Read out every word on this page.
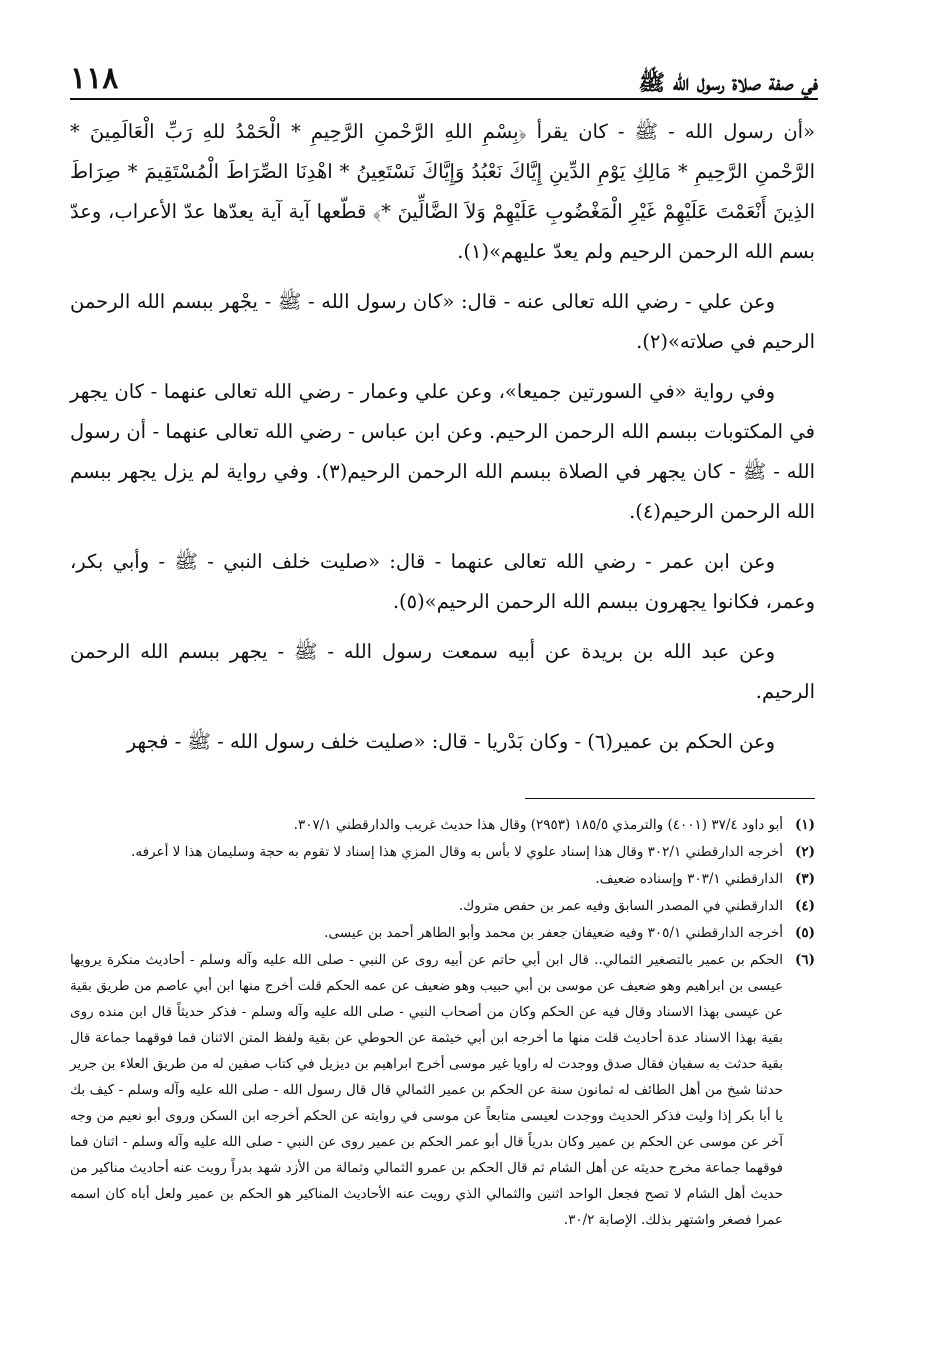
في صفة صلاة رسول الله ﷺ
١١٨

«أن رسول الله - ﷺ - كان يقرأ ﴿بِسْمِ اللهِ الرَّحْمنِ الرَّحِيمِ * الْحَمْدُ للهِ رَبِّ الْعَالَمِينَ * الرَّحْمنِ الرَّحِيمِ * مَالِكِ يَوْمِ الدِّينِ إِيَّاكَ نَعْبُدُ وَإِيَّاكَ نَسْتَعِينُ * اهْدِنَا الصِّرَاطَ الْمُسْتَقِيمَ * صِرَاطَ الذِينَ أَنْعَمْتَ عَلَيْهِمْ غَيْرِ الْمَغْضُوبِ عَلَيْهِمْ وَلاَ الضَّالِّينَ *﴾ قطّعها آية آية يعدّها عدّ الأعراب، وعدّ بسم الله الرحمن الرحيم ولم يعدّ عليهم»(١).

وعن علي - رضي الله تعالى عنه - قال: «كان رسول الله - ﷺ - يجْهر ببسم الله الرحمن الرحيم في صلاته»(٢).

وفي رواية «في السورتين جميعا»، وعن علي وعمار - رضي الله تعالى عنهما - كان يجهر في المكتوبات ببسم الله الرحمن الرحيم. وعن ابن عباس - رضي الله تعالى عنهما - أن رسول الله - ﷺ - كان يجهر في الصلاة ببسم الله الرحمن الرحيم(٣). وفي رواية لم يزل يجهر ببسم الله الرحمن الرحيم(٤).

وعن ابن عمر - رضي الله تعالى عنهما - قال: «صليت خلف النبي - ﷺ - وأبي بكر، وعمر، فكانوا يجهرون ببسم الله الرحمن الرحيم»(٥).

وعن عبد الله بن بريدة عن أبيه سمعت رسول الله - ﷺ - يجهر ببسم الله الرحمن الرحيم.

وعن الحكم بن عمير(٦) - وكان بَدْريا - قال: «صليت خلف رسول الله - ﷺ - فجهر

(١)
أبو داود ٣٧/٤ (٤٠٠١) والترمذي ١٨٥/٥ (٢٩٥٣) وقال هذا حديث غريب والدارقطني ٣٠٧/١.
(٢)
أخرجه الدارقطني ٣٠٢/١ وقال هذا إسناد علوي لا بأس به وقال المزي هذا إسناد لا تقوم به حجة وسليمان هذا لا أعرفه.
(٣)
الدارقطني ٣٠٣/١ وإسناده ضعيف.
(٤)
الدارقطني في المصدر السابق وفيه عمر بن حفص متروك.
(٥)
أخرجه الدارقطني ٣٠٥/١ وفيه ضعيفان جعفر بن محمد وأبو الطاهر أحمد بن عيسى.
(٦)
الحكم بن عمير بالتصغير الثمالي.. قال ابن أبي حاتم عن أبيه روى عن النبي - صلى الله عليه وآله وسلم - أحاديث منكرة يرويها عيسى بن ابراهيم وهو ضعيف عن موسى بن أبي حبيب وهو ضعيف عن عمه الحكم قلت أخرج منها ابن أبي عاصم من طريق بقية عن عيسى بهذا الاسناد وقال فيه عن الحكم وكان من أصحاب النبي - صلى الله عليه وآله وسلم - فذكر حديثاً قال ابن منده روى بقية بهذا الاسناد عدة أحاديث قلت منها ما أخرجه ابن أبي خيثمة عن الحوطي عن بقية ولفظ المتن الاثنان فما فوقهما جماعة قال بقية حدثت به سفيان فقال صدق ووجدت له راويا غير موسى أخرج ابراهيم بن ديزيل في كتاب صفين له من طريق العلاء بن جرير حدثنا شيخ من أهل الطائف له ثمانون سنة عن الحكم بن عمير الثمالي قال قال رسول الله - صلى الله عليه وآله وسلم - كيف بك يا أبا بكر إذا وليت فذكر الحديث ووجدت لعيسى متابعاً عن موسى في روايته عن الحكم أخرجه ابن السكن وروى أبو نعيم من وجه آخر عن موسى عن الحكم بن عمير وكان بدرياً قال أبو عمر الحكم بن عمير روى عن النبي - صلى الله عليه وآله وسلم - اثنان فما فوقهما جماعة مخرج حديثه عن أهل الشام ثم قال الحكم بن عمرو الثمالي وثمالة من الأزد شهد بدراً رويت عنه أحاديث مناكير من حديث أهل الشام لا تصح فجعل الواحد اثنين والثمالي الذي رويت عنه الأحاديث المناكير هو الحكم بن عمير ولعل أباه كان اسمه عمرا فصغر واشتهر بذلك. الإصابة ٣٠/٢.
